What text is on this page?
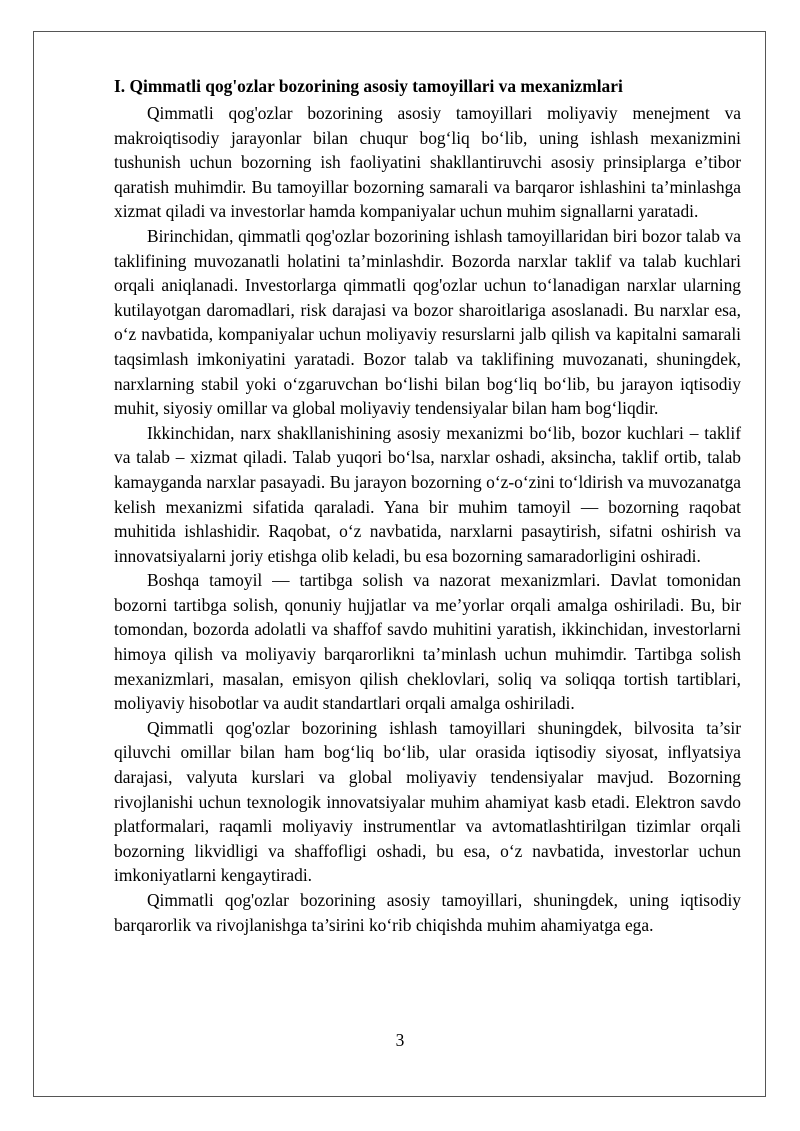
I. Qimmatli qog'ozlar bozorining asosiy tamoyillari va mexanizmlari

Qimmatli qog'ozlar bozorining asosiy tamoyillari moliyaviy menejment va makroiqtisodiy jarayonlar bilan chuqur bog‘liq bo‘lib, uning ishlash mexanizmini tushunish uchun bozorning ish faoliyatini shakllantiruvchi asosiy prinsiplarga e’tibor qaratish muhimdir. Bu tamoyillar bozorning samarali va barqaror ishlashini ta’minlashga xizmat qiladi va investorlar hamda kompaniyalar uchun muhim signallarni yaratadi.

Birinchidan, qimmatli qog'ozlar bozorining ishlash tamoyillaridan biri bozor talab va taklifining muvozanatli holatini ta’minlashdir. Bozorda narxlar taklif va talab kuchlari orqali aniqlanadi. Investorlarga qimmatli qog'ozlar uchun to‘lanadigan narxlar ularning kutilayotgan daromadlari, risk darajasi va bozor sharoitlariga asoslanadi. Bu narxlar esa, o‘z navbatida, kompaniyalar uchun moliyaviy resurslarni jalb qilish va kapitalni samarali taqsimlash imkoniyatini yaratadi. Bozor talab va taklifining muvozanati, shuningdek, narxlarning stabil yoki o‘zgaruvchan bo‘lishi bilan bog‘liq bo‘lib, bu jarayon iqtisodiy muhit, siyosiy omillar va global moliyaviy tendensiyalar bilan ham bog‘liqdir.

Ikkinchidan, narx shakllanishining asosiy mexanizmi bo‘lib, bozor kuchlari – taklif va talab – xizmat qiladi. Talab yuqori bo‘lsa, narxlar oshadi, aksincha, taklif ortib, talab kamayganda narxlar pasayadi. Bu jarayon bozorning o‘z-o‘zini to‘ldirish va muvozanatga kelish mexanizmi sifatida qaraladi. Yana bir muhim tamoyil — bozorning raqobat muhitida ishlashidir. Raqobat, o‘z navbatida, narxlarni pasaytirish, sifatni oshirish va innovatsiyalarni joriy etishga olib keladi, bu esa bozorning samaradorligini oshiradi.

Boshqa tamoyil — tartibga solish va nazorat mexanizmlari. Davlat tomonidan bozorni tartibga solish, qonuniy hujjatlar va me’yorlar orqali amalga oshiriladi. Bu, bir tomondan, bozorda adolatli va shaffof savdo muhitini yaratish, ikkinchidan, investorlarni himoya qilish va moliyaviy barqarorlikni ta’minlash uchun muhimdir. Tartibga solish mexanizmlari, masalan, emisyon qilish cheklovlari, soliq va soliqqa tortish tartiblari, moliyaviy hisobotlar va audit standartlari orqali amalga oshiriladi.

Qimmatli qog'ozlar bozorining ishlash tamoyillari shuningdek, bilvosita ta’sir qiluvchi omillar bilan ham bog‘liq bo‘lib, ular orasida iqtisodiy siyosat, inflyatsiya darajasi, valyuta kurslari va global moliyaviy tendensiyalar mavjud. Bozorning rivojlanishi uchun texnologik innovatsiyalar muhim ahamiyat kasb etadi. Elektron savdo platformalari, raqamli moliyaviy instrumentlar va avtomatlashtirilgan tizimlar orqali bozorning likvidligi va shaffofligi oshadi, bu esa, o‘z navbatida, investorlar uchun imkoniyatlarni kengaytiradi.

Qimmatli qog'ozlar bozorining asosiy tamoyillari, shuningdek, uning iqtisodiy barqarorlik va rivojlanishga ta’sirini ko‘rib chiqishda muhim ahamiyatga ega.

3
